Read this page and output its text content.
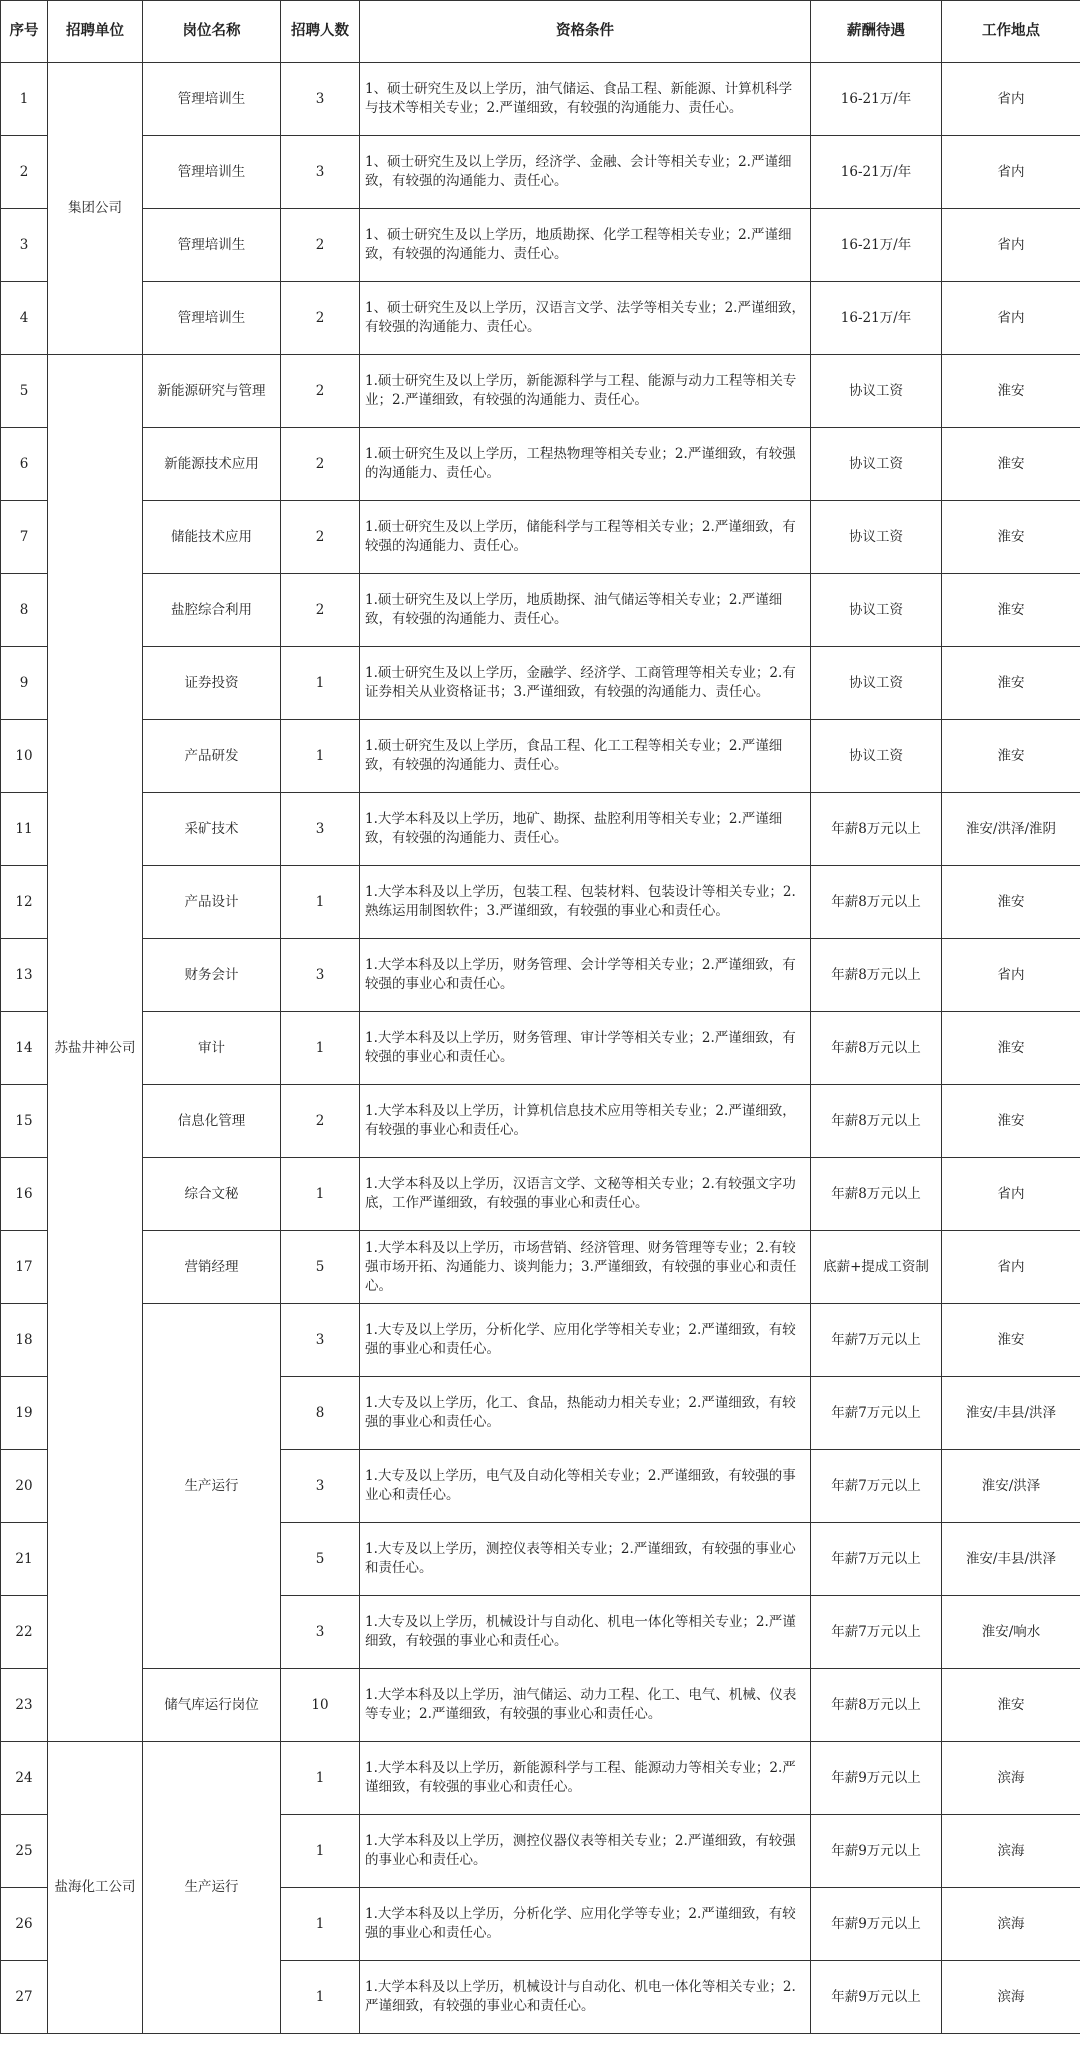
序号	招聘单位	岗位名称	招聘人数	资格条件	薪酬待遇	工作地点
1	集团公司	管理培训生	3	1、硕士研究生及以上学历，油气储运、食品工程、新能源、计算机科学与技术等相关专业；2.严谨细致，有较强的沟通能力、责任心。	16-21万/年	省内
2		管理培训生	3	1、硕士研究生及以上学历，经济学、金融、会计等相关专业；2.严谨细致，有较强的沟通能力、责任心。	16-21万/年	省内
3		管理培训生	2	1、硕士研究生及以上学历，地质勘探、化学工程等相关专业；2.严谨细致，有较强的沟通能力、责任心。	16-21万/年	省内
4		管理培训生	2	1、硕士研究生及以上学历，汉语言文学、法学等相关专业；2.严谨细致，有较强的沟通能力、责任心。	16-21万/年	省内
5	苏盐井神公司	新能源研究与管理	2	1.硕士研究生及以上学历，新能源科学与工程、能源与动力工程等相关专业；2.严谨细致，有较强的沟通能力、责任心。	协议工资	淮安
6		新能源技术应用	2	1.硕士研究生及以上学历，工程热物理等相关专业；2.严谨细致，有较强的沟通能力、责任心。	协议工资	淮安
7		储能技术应用	2	1.硕士研究生及以上学历，储能科学与工程等相关专业；2.严谨细致，有较强的沟通能力、责任心。	协议工资	淮安
8		盐腔综合利用	2	1.硕士研究生及以上学历，地质勘探、油气储运等相关专业；2.严谨细致，有较强的沟通能力、责任心。	协议工资	淮安
9		证券投资	1	1.硕士研究生及以上学历，金融学、经济学、工商管理等相关专业；2.有证券相关从业资格证书；3.严谨细致，有较强的沟通能力、责任心。	协议工资	淮安
10		产品研发	1	1.硕士研究生及以上学历，食品工程、化工工程等相关专业；2.严谨细致，有较强的沟通能力、责任心。	协议工资	淮安
11		采矿技术	3	1.大学本科及以上学历，地矿、勘探、盐腔利用等相关专业；2.严谨细致，有较强的沟通能力、责任心。	年薪8万元以上	淮安/洪泽/淮阴
12		产品设计	1	1.大学本科及以上学历，包装工程、包装材料、包装设计等相关专业；2.熟练运用制图软件；3.严谨细致，有较强的事业心和责任心。	年薪8万元以上	淮安
13		财务会计	3	1.大学本科及以上学历，财务管理、会计学等相关专业；2.严谨细致，有较强的事业心和责任心。	年薪8万元以上	省内
14		审计	1	1.大学本科及以上学历，财务管理、审计学等相关专业；2.严谨细致，有较强的事业心和责任心。	年薪8万元以上	淮安
15		信息化管理	2	1.大学本科及以上学历，计算机信息技术应用等相关专业；2.严谨细致，有较强的事业心和责任心。	年薪8万元以上	淮安
16		综合文秘	1	1.大学本科及以上学历，汉语言文学、文秘等相关专业；2.有较强文字功底，工作严谨细致，有较强的事业心和责任心。	年薪8万元以上	省内
17		营销经理	5	1.大学本科及以上学历，市场营销、经济管理、财务管理等专业；2.有较强市场开拓、沟通能力、谈判能力；3.严谨细致，有较强的事业心和责任心。	底薪+提成工资制	省内
18		生产运行	3	1.大专及以上学历，分析化学、应用化学等相关专业；2.严谨细致，有较强的事业心和责任心。	年薪7万元以上	淮安
19			8	1.大专及以上学历，化工、食品，热能动力相关专业；2.严谨细致，有较强的事业心和责任心。	年薪7万元以上	淮安/丰县/洪泽
20			3	1.大专及以上学历，电气及自动化等相关专业；2.严谨细致，有较强的事业心和责任心。	年薪7万元以上	淮安/洪泽
21			5	1.大专及以上学历，测控仪表等相关专业；2.严谨细致，有较强的事业心和责任心。	年薪7万元以上	淮安/丰县/洪泽
22			3	1.大专及以上学历，机械设计与自动化、机电一体化等相关专业；2.严谨细致，有较强的事业心和责任心。	年薪7万元以上	淮安/响水
23		储气库运行岗位	10	1.大学本科及以上学历，油气储运、动力工程、化工、电气、机械、仪表等专业；2.严谨细致，有较强的事业心和责任心。	年薪8万元以上	淮安
24	盐海化工公司	生产运行	1	1.大学本科及以上学历，新能源科学与工程、能源动力等相关专业；2.严谨细致，有较强的事业心和责任心。	年薪9万元以上	滨海
25			1	1.大学本科及以上学历，测控仪器仪表等相关专业；2.严谨细致，有较强的事业心和责任心。	年薪9万元以上	滨海
26			1	1.大学本科及以上学历，分析化学、应用化学等专业；2.严谨细致，有较强的事业心和责任心。	年薪9万元以上	滨海
27			1	1.大学本科及以上学历，机械设计与自动化、机电一体化等相关专业；2.严谨细致，有较强的事业心和责任心。	年薪9万元以上	滨海
